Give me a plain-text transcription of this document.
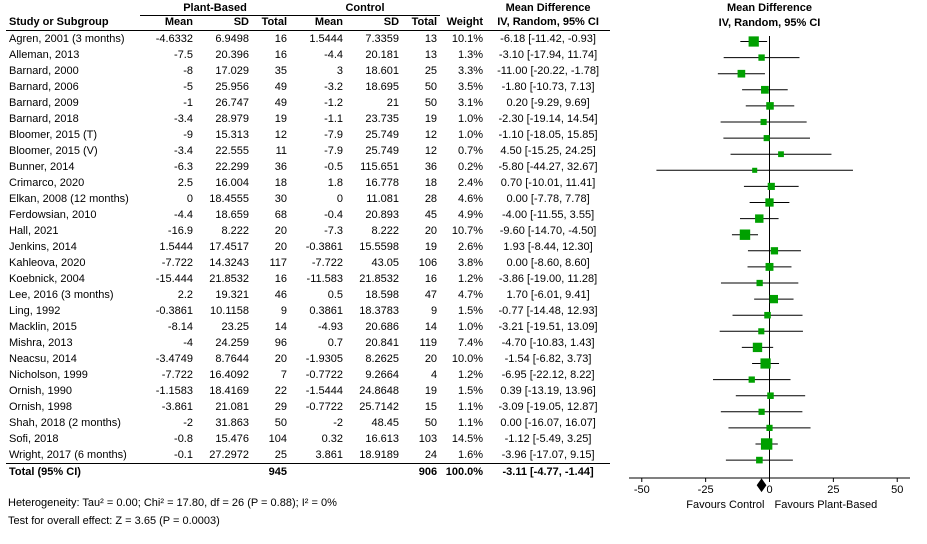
	Plant-Based			Control				Mean Difference
Study or Subgroup	Mean	SD	Total	Mean	SD	Total	Weight	IV, Random, 95% CI
Agren, 2001 (3 months)	-4.6332	6.9498	16	1.5444	7.3359	13	10.1%	-6.18 [-11.42, -0.93]
Alleman, 2013	-7.5	20.396	16	-4.4	20.181	13	1.3%	-3.10 [-17.94, 11.74]
Barnard, 2000	-8	17.029	35	3	18.601	25	3.3%	-11.00 [-20.22, -1.78]
Barnard, 2006	-5	25.956	49	-3.2	18.695	50	3.5%	-1.80 [-10.73, 7.13]
Barnard, 2009	-1	26.747	49	-1.2	21	50	3.1%	0.20 [-9.29, 9.69]
Barnard, 2018	-3.4	28.979	19	-1.1	23.735	19	1.0%	-2.30 [-19.14, 14.54]
Bloomer, 2015 (T)	-9	15.313	12	-7.9	25.749	12	1.0%	-1.10 [-18.05, 15.85]
Bloomer, 2015 (V)	-3.4	22.555	11	-7.9	25.749	12	0.7%	4.50 [-15.25, 24.25]
Bunner, 2014	-6.3	22.299	36	-0.5	115.651	36	0.2%	-5.80 [-44.27, 32.67]
Crimarco, 2020	2.5	16.004	18	1.8	16.778	18	2.4%	0.70 [-10.01, 11.41]
Elkan, 2008 (12 months)	0	18.4555	30	0	11.081	28	4.6%	0.00 [-7.78, 7.78]
Ferdowsian, 2010	-4.4	18.659	68	-0.4	20.893	45	4.9%	-4.00 [-11.55, 3.55]
Hall, 2021	-16.9	8.222	20	-7.3	8.222	20	10.7%	-9.60 [-14.70, -4.50]
Jenkins, 2014	1.5444	17.4517	20	-0.3861	15.5598	19	2.6%	1.93 [-8.44, 12.30]
Kahleova, 2020	-7.722	14.3243	117	-7.722	43.05	106	3.8%	0.00 [-8.60, 8.60]
Koebnick, 2004	-15.444	21.8532	16	-11.583	21.8532	16	1.2%	-3.86 [-19.00, 11.28]
Lee, 2016 (3 months)	2.2	19.321	46	0.5	18.598	47	4.7%	1.70 [-6.01, 9.41]
Ling, 1992	-0.3861	10.1158	9	0.3861	18.3783	9	1.5%	-0.77 [-14.48, 12.93]
Macklin, 2015	-8.14	23.25	14	-4.93	20.686	14	1.0%	-3.21 [-19.51, 13.09]
Mishra, 2013	-4	24.259	96	0.7	20.841	119	7.4%	-4.70 [-10.83, 1.43]
Neacsu, 2014	-3.4749	8.7644	20	-1.9305	8.2625	20	10.0%	-1.54 [-6.82, 3.73]
Nicholson, 1999	-7.722	16.4092	7	-0.7722	9.2664	4	1.2%	-6.95 [-22.12, 8.22]
Ornish, 1990	-1.1583	18.4169	22	-1.5444	24.8648	19	1.5%	0.39 [-13.19, 13.96]
Ornish, 1998	-3.861	21.081	29	-0.7722	25.7142	15	1.1%	-3.09 [-19.05, 12.87]
Shah, 2018 (2 months)	-2	31.863	50	-2	48.45	50	1.1%	0.00 [-16.07, 16.07]
Sofi, 2018	-0.8	15.476	104	0.32	16.613	103	14.5%	-1.12 [-5.49, 3.25]
Wright, 2017 (6 months)	-0.1	27.2972	25	3.861	18.9189	24	1.6%	-3.96 [-17.07, 9.15]
Total (95% CI)			945			906	100.0%	-3.11 [-4.77, -1.44]
Heterogeneity: Tau² = 0.00; Chi² = 17.80, df = 26 (P = 0.88); I² = 0%
Test for overall effect: Z = 3.65 (P = 0.0003)
Mean Difference
IV, Random, 95% CI
-50	-25	0	25	50
Favours Control Favours Plant-Based
